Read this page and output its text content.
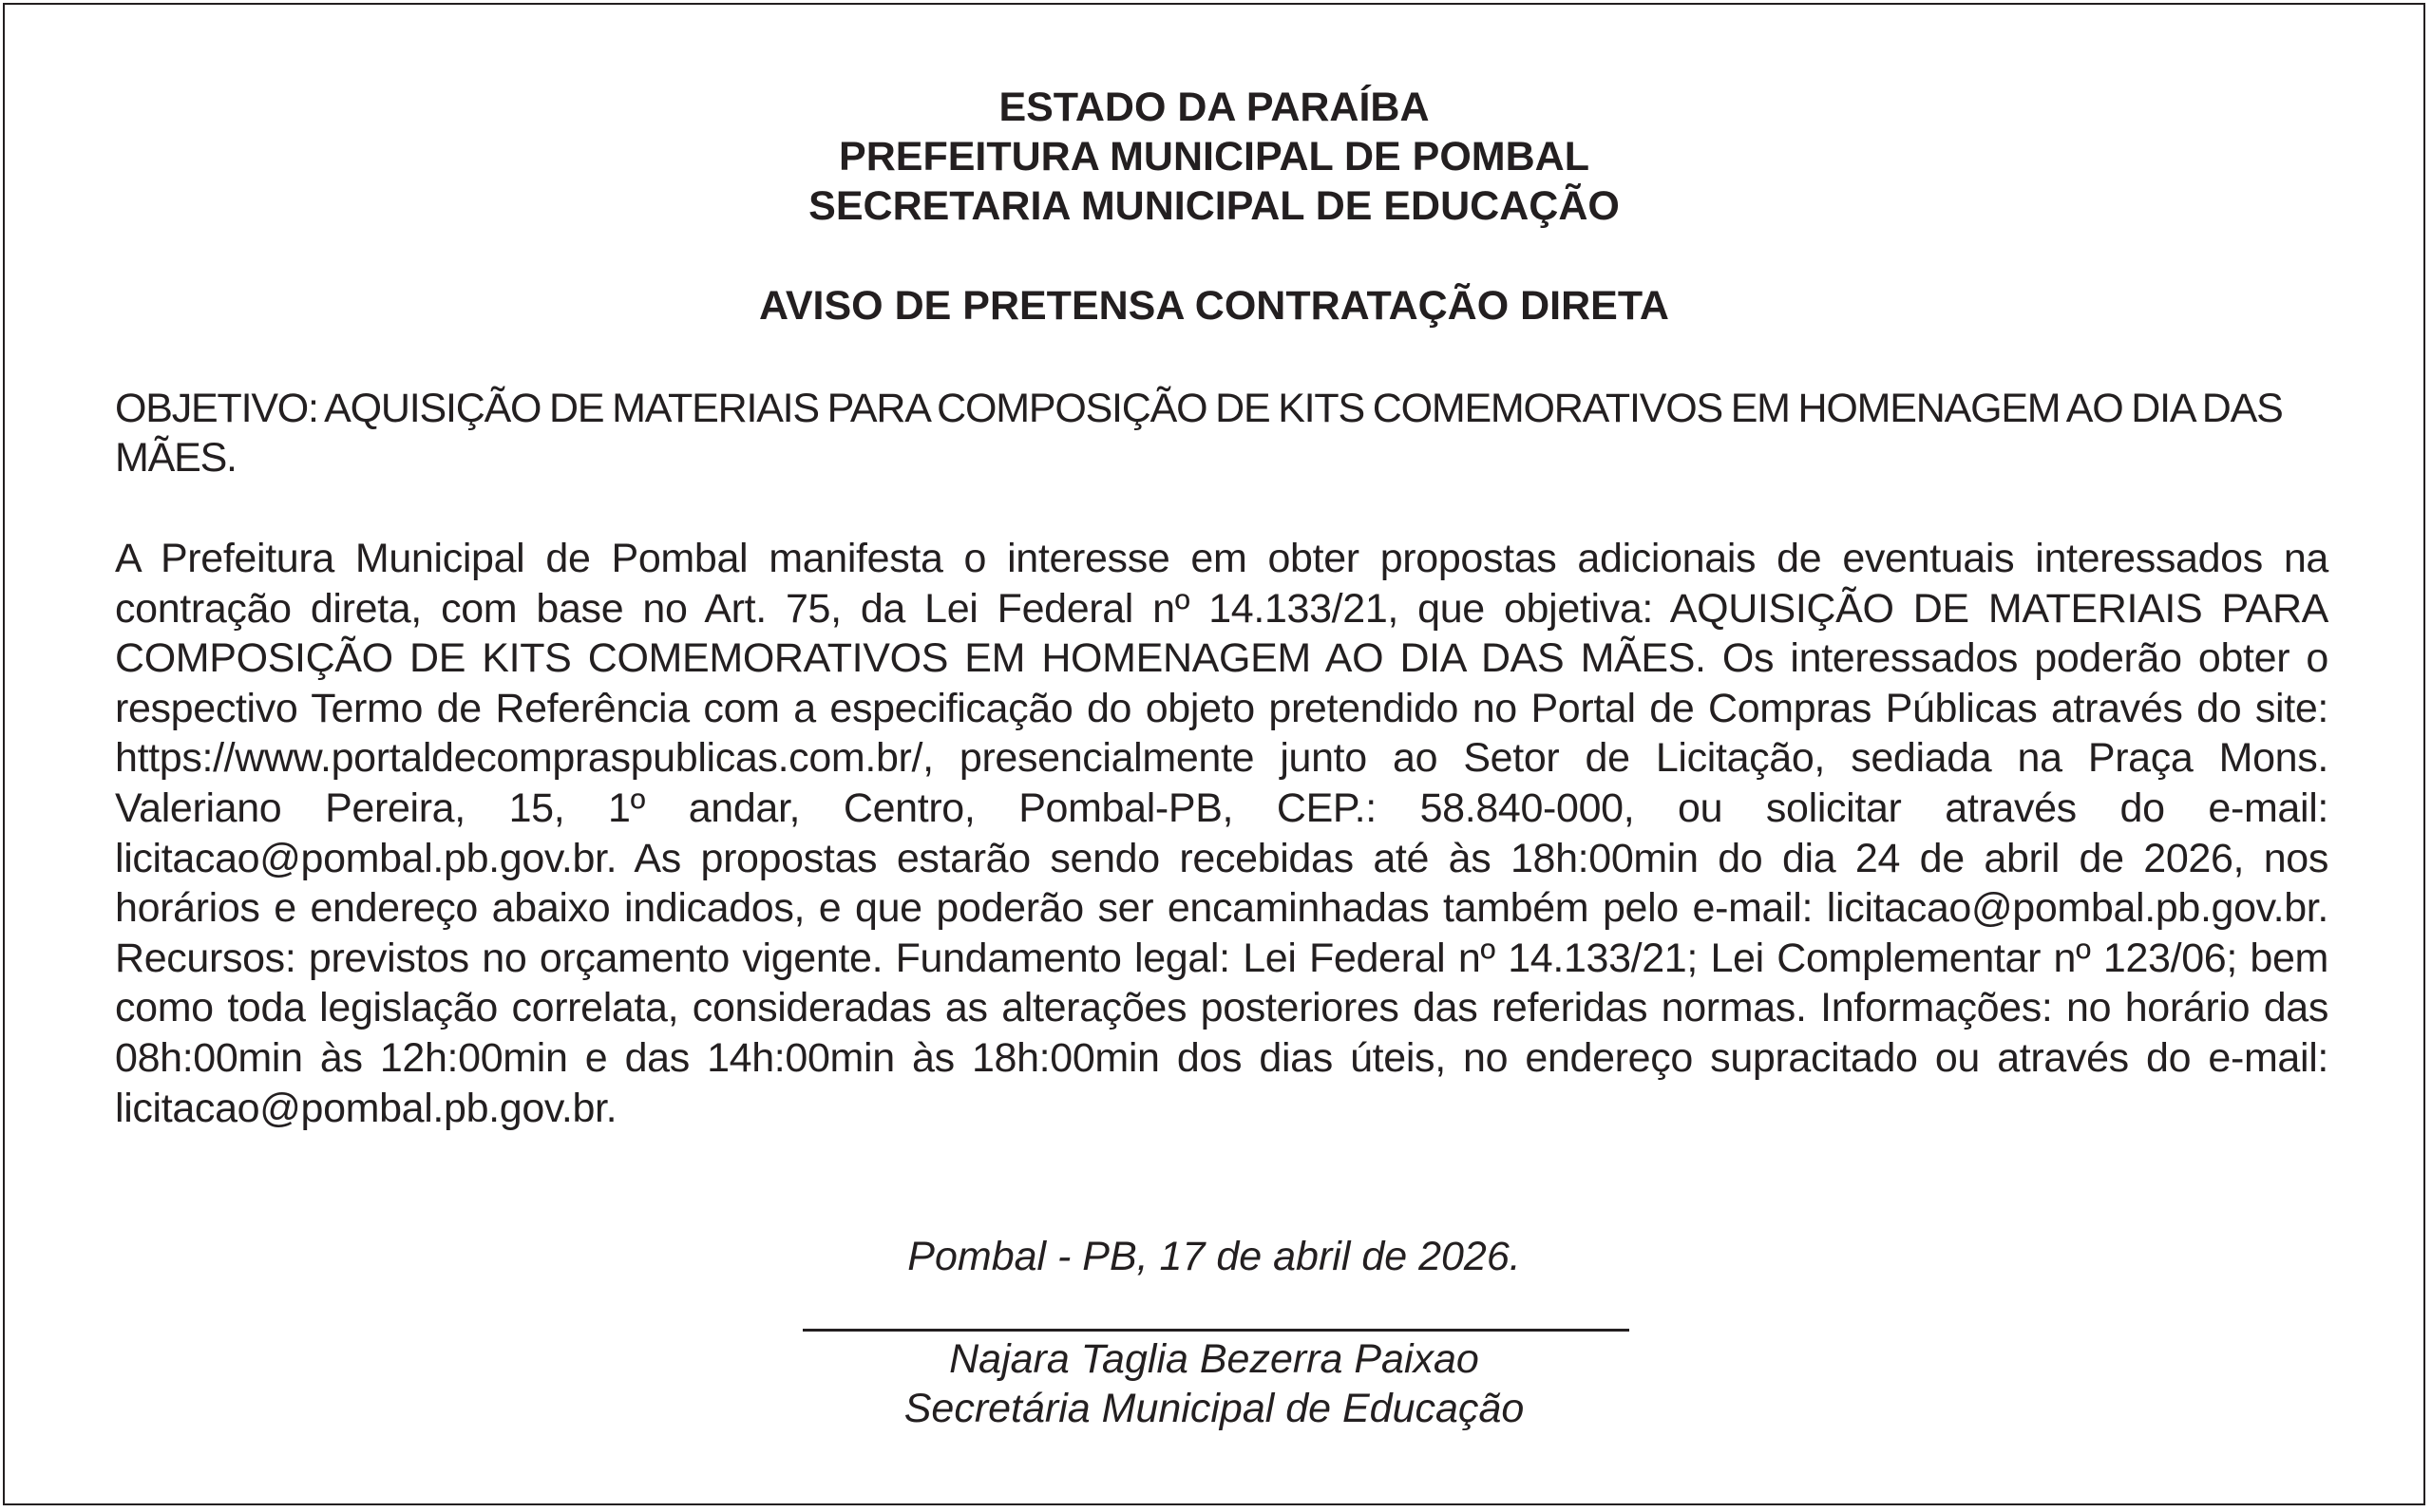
ESTADO DA PARAÍBA
PREFEITURA MUNICIPAL DE POMBAL
SECRETARIA MUNICIPAL DE EDUCAÇÃO
AVISO DE PRETENSA CONTRATAÇÃO DIRETA
OBJETIVO: AQUISIÇÃO DE MATERIAIS PARA COMPOSIÇÃO DE KITS COMEMORATIVOS EM HOMENAGEM AO DIA DAS MÃES.
A Prefeitura Municipal de Pombal manifesta o interesse em obter propostas adicionais de eventuais interessados na contração direta, com base no Art. 75, da Lei Federal nº 14.133/21, que objetiva: AQUISIÇÃO DE MATERIAIS PARA COMPOSIÇÃO DE KITS COMEMORATIVOS EM HOMENAGEM AO DIA DAS MÃES. Os interessados poderão obter o respectivo Termo de Referência com a especificação do objeto pretendido no Portal de Compras Públicas através do site: https://www.portaldecompraspublicas.com.br/, presencialmente junto ao Setor de Licitação, sediada na Praça Mons. Valeriano Pereira, 15, 1º andar, Centro, Pombal-PB, CEP.: 58.840-000, ou solicitar através do e-mail: licitacao@pombal.pb.gov.br. As propostas estarão sendo recebidas até às 18h:00min do dia 24 de abril de 2026, nos horários e endereço abaixo indicados, e que poderão ser encaminhadas também pelo e-mail: licitacao@pombal.pb.gov.br. Recursos: previstos no orçamento vigente. Fundamento legal: Lei Federal nº 14.133/21; Lei Complementar nº 123/06; bem como toda legislação correlata, consideradas as alterações posteriores das referidas normas. Informações: no horário das 08h:00min às 12h:00min e das 14h:00min às 18h:00min dos dias úteis, no endereço supracitado ou através do e-mail: licitacao@pombal.pb.gov.br.
Pombal - PB, 17 de abril de 2026.
Najara Taglia Bezerra Paixao
Secretária Municipal de Educação
